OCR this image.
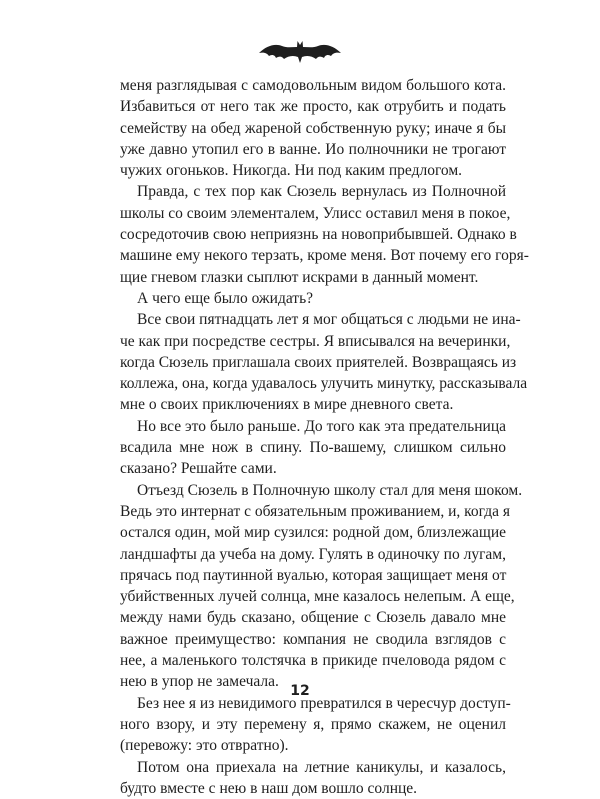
меня разглядывая с самодовольным видом большого кота.
Избавиться от него так же просто, как отрубить и подать
семейству на обед жареной собственную руку; иначе я бы
уже давно утопил его в ванне. Ио полночники не трогают
чужих огоньков. Никогда. Ни под каким предлогом.
Правда, с тех пор как Сюзель вернулась из Полночной
школы со своим элементалем, Улисс оставил меня в покое,
сосредоточив свою неприязнь на новоприбывшей. Однако в
машине ему некого терзать, кроме меня. Вот почему его горя-
щие гневом глазки сыплют искрами в данный момент.
А чего еще было ожидать?
Все свои пятнадцать лет я мог общаться с людьми не ина-
че как при посредстве сестры. Я вписывался на вечеринки,
когда Сюзель приглашала своих приятелей. Возвращаясь из
коллежа, она, когда удавалось улучить минутку, рассказывала
мне о своих приключениях в мире дневного света.
Но все это было раньше. До того как эта предательница
всадила мне нож в спину. По-вашему, слишком сильно
сказано? Решайте сами.
Отъезд Сюзель в Полночную школу стал для меня шоком.
Ведь это интернат с обязательным проживанием, и, когда я
остался один, мой мир сузился: родной дом, близлежащие
ландшафты да учеба на дому. Гулять в одиночку по лугам,
прячась под паутинной вуалью, которая защищает меня от
убийственных лучей солнца, мне казалось нелепым. А еще,
между нами будь сказано, общение с Сюзель давало мне
важное преимущество: компания не сводила взглядов с
нее, а маленького толстячка в прикиде пчеловода рядом с
нею в упор не замечала.
Без нее я из невидимого превратился в чересчур доступ-
ного взору, и эту перемену я, прямо скажем, не оценил
(перевожу: это отвратно).
Потом она приехала на летние каникулы, и казалось,
будто вместе с нею в наш дом вошло солнце.
12
